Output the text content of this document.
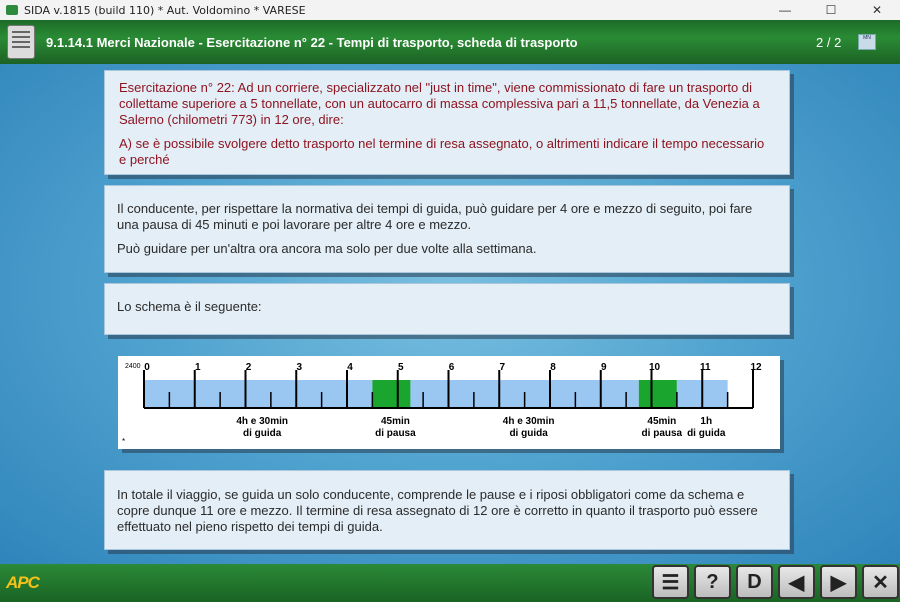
SIDA v.1815 (build 110) * Aut. Voldomino * VARESE	—	☐	✕
9.1.14.1 Merci Nazionale - Esercitazione n° 22 - Tempi di trasporto, scheda di trasporto	2 / 2	MN
Esercitazione n° 22: Ad un corriere, specializzato nel "just in time", viene commissionato di fare un trasporto di collettame superiore a 5 tonnellate, con un autocarro di massa complessiva pari a 11,5 tonnellate, da Venezia a Salerno (chilometri 773) in 12 ore, dire:
A) se è possibile svolgere detto trasporto nel termine di resa assegnato, o altrimenti indicare il tempo necessario e perché
Il conducente, per rispettare la normativa dei tempi di guida, può guidare per 4 ore e mezzo di seguito, poi fare una pausa di 45 minuti e poi lavorare per altre 4 ore e mezzo.
Può guidare per un'altra ora ancora ma solo per due volte alla settimana.
Lo schema è il seguente:
0	1	2	3	4	5	6	7	8	9	10	11	12
2400
4h e 30min
di guida
45min
di pausa
4h e 30min
di guida
45min
di pausa
1h
di guida
*
In totale il viaggio, se guida un solo conducente, comprende le pause e i riposi obbligatori come da schema e copre dunque 11 ore e mezzo. Il termine di resa assegnato di 12 ore è corretto in quanto il trasporto può essere effettuato nel pieno rispetto dei tempi di guida.
APC	☰ ? D ◀ ▶ ✕
